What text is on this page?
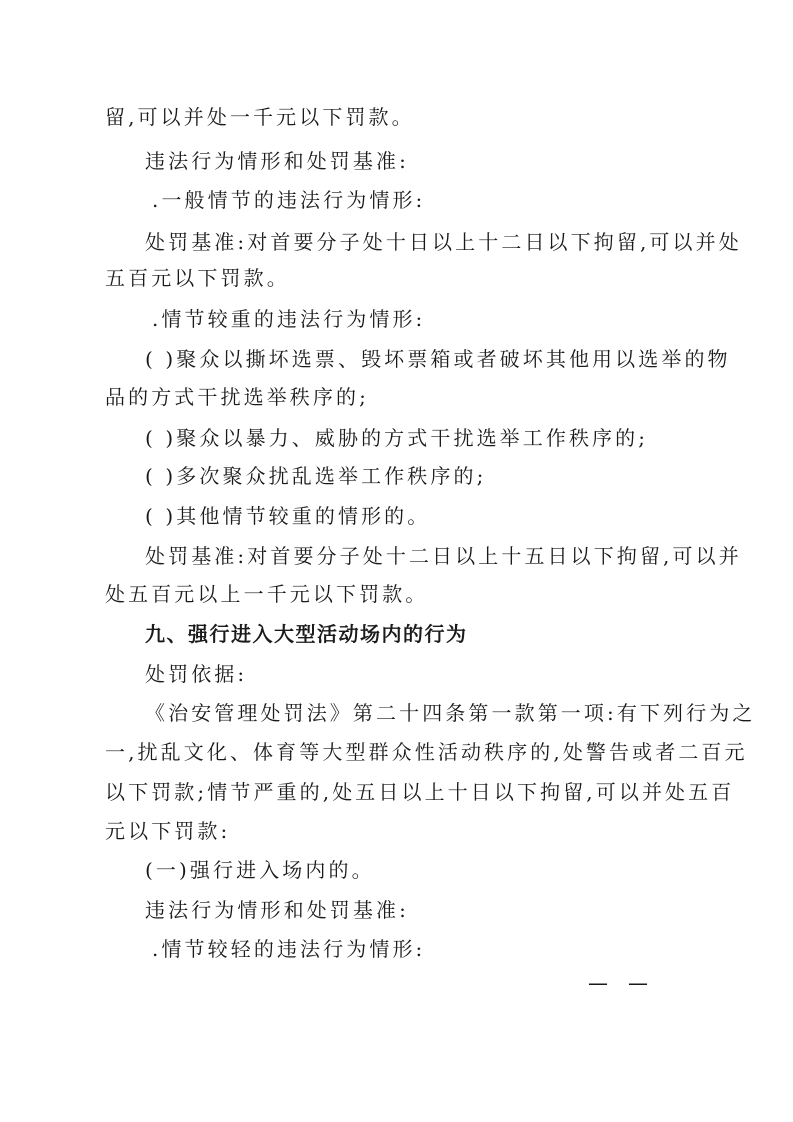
留,可以并处一千元以下罚款。
违法行为情形和处罚基准:
.一般情节的违法行为情形:
处罚基准:对首要分子处十日以上十二日以下拘留,可以并处
五百元以下罚款。
.情节较重的违法行为情形:
( )聚众以撕坏选票、毁坏票箱或者破坏其他用以选举的物
品的方式干扰选举秩序的;
( )聚众以暴力、威胁的方式干扰选举工作秩序的;
( )多次聚众扰乱选举工作秩序的;
( )其他情节较重的情形的。
处罚基准:对首要分子处十二日以上十五日以下拘留,可以并
处五百元以上一千元以下罚款。
九、强行进入大型活动场内的行为
处罚依据:
《治安管理处罚法》第二十四条第一款第一项:有下列行为之
一,扰乱文化、体育等大型群众性活动秩序的,处警告或者二百元
以下罚款;情节严重的,处五日以上十日以下拘留,可以并处五百
元以下罚款:
(一)强行进入场内的。
违法行为情形和处罚基准:
.情节较轻的违法行为情形:
—　—
